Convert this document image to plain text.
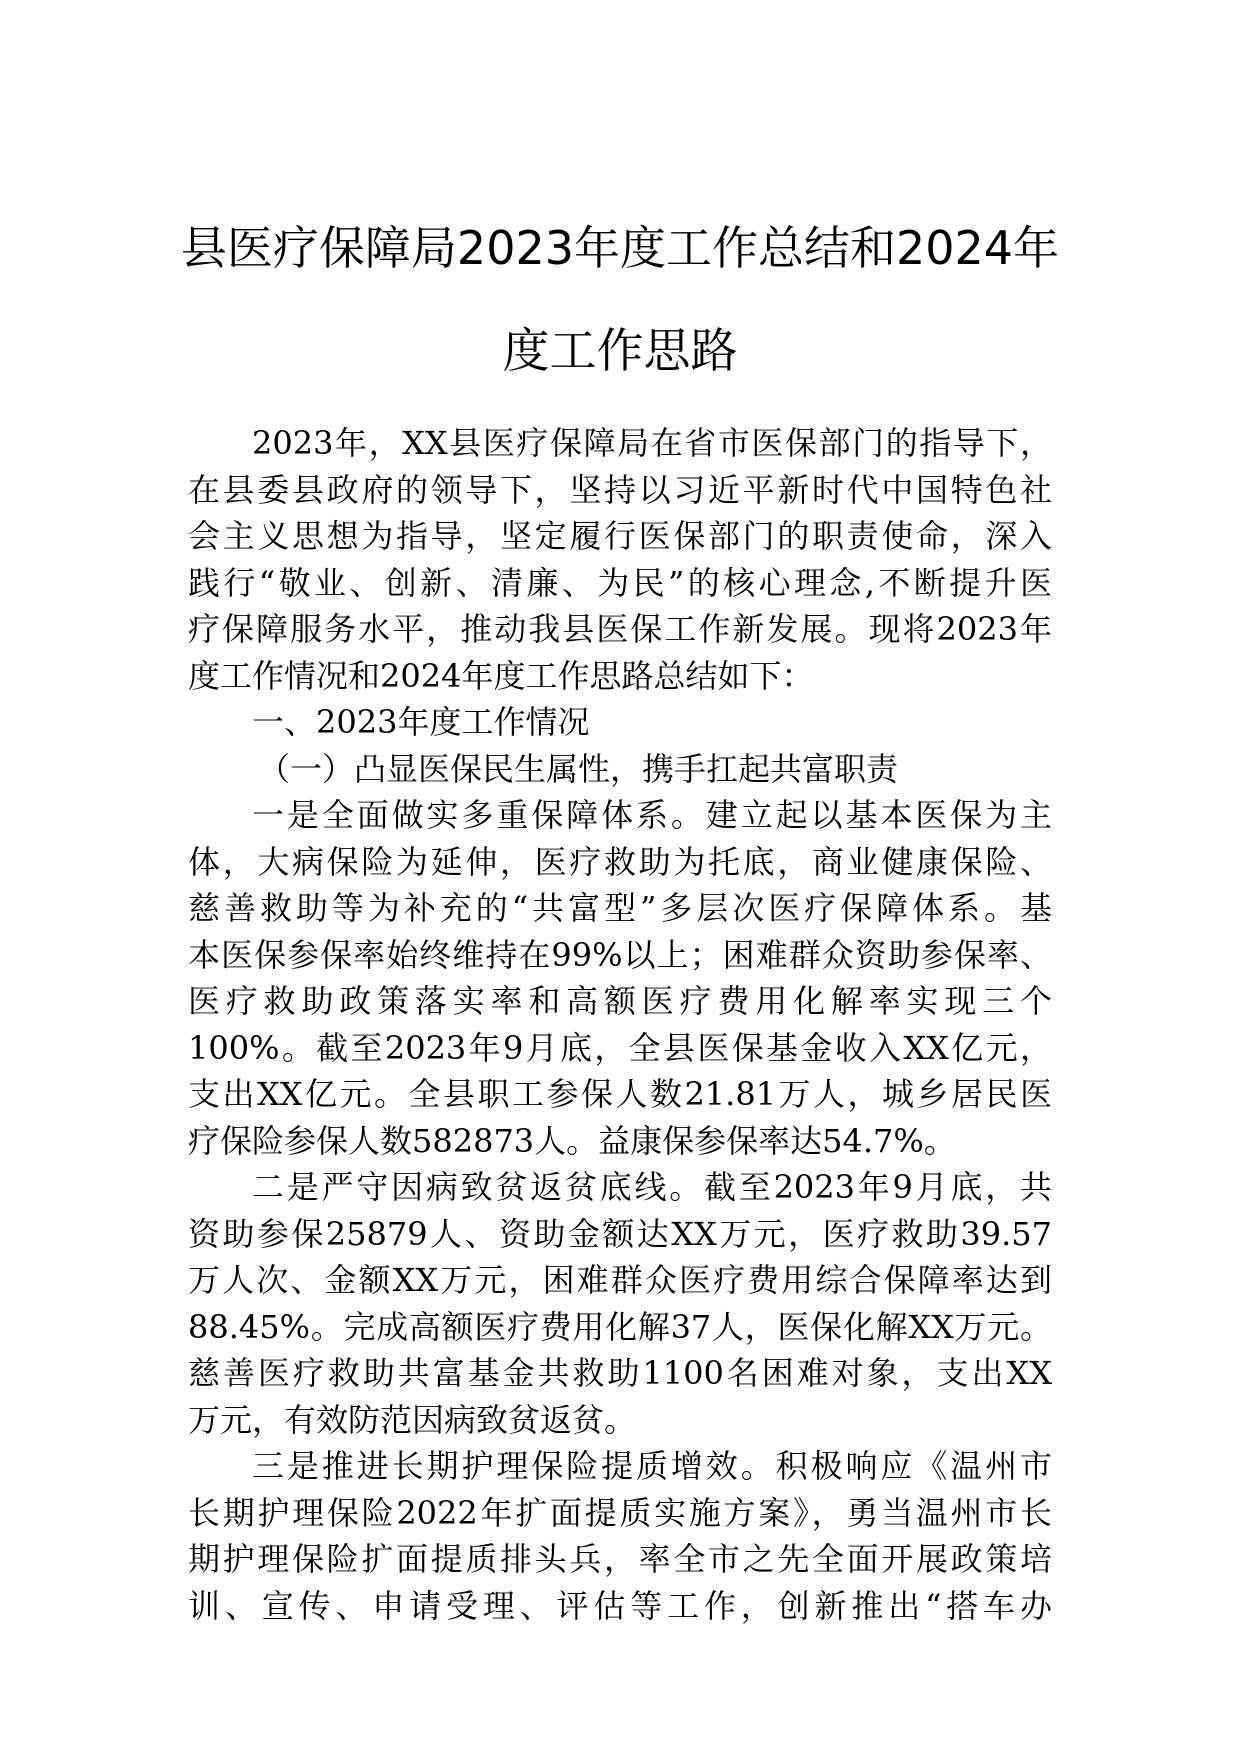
县医疗保障局2023年度工作总结和2024年
度工作思路
2023年，XX县医疗保障局在省市医保部门的指导下，
在县委县政府的领导下，坚持以习近平新时代中国特色社
会主义思想为指导，坚定履行医保部门的职责使命，深入
践行“敬业、创新、清廉、为民”的核心理念,不断提升医
疗保障服务水平，推动我县医保工作新发展。现将2023年
度工作情况和2024年度工作思路总结如下：
一、2023年度工作情况
（一）凸显医保民生属性，携手扛起共富职责
一是全面做实多重保障体系。建立起以基本医保为主
体，大病保险为延伸，医疗救助为托底，商业健康保险、
慈善救助等为补充的“共富型”多层次医疗保障体系。基
本医保参保率始终维持在99%以上；困难群众资助参保率、
医疗救助政策落实率和高额医疗费用化解率实现三个
100%。截至2023年9月底，全县医保基金收入XX亿元，
支出XX亿元。全县职工参保人数21.81万人，城乡居民医
疗保险参保人数582873人。益康保参保率达54.7%。
二是严守因病致贫返贫底线。截至2023年9月底，共
资助参保25879人、资助金额达XX万元，医疗救助39.57
万人次、金额XX万元，困难群众医疗费用综合保障率达到
88.45%。完成高额医疗费用化解37人，医保化解XX万元。
慈善医疗救助共富基金共救助1100名困难对象，支出XX
万元，有效防范因病致贫返贫。
三是推进长期护理保险提质增效。积极响应《温州市
长期护理保险2022年扩面提质实施方案》，勇当温州市长
期护理保险扩面提质排头兵，率全市之先全面开展政策培
训、宣传、申请受理、评估等工作，创新推出“搭车办
